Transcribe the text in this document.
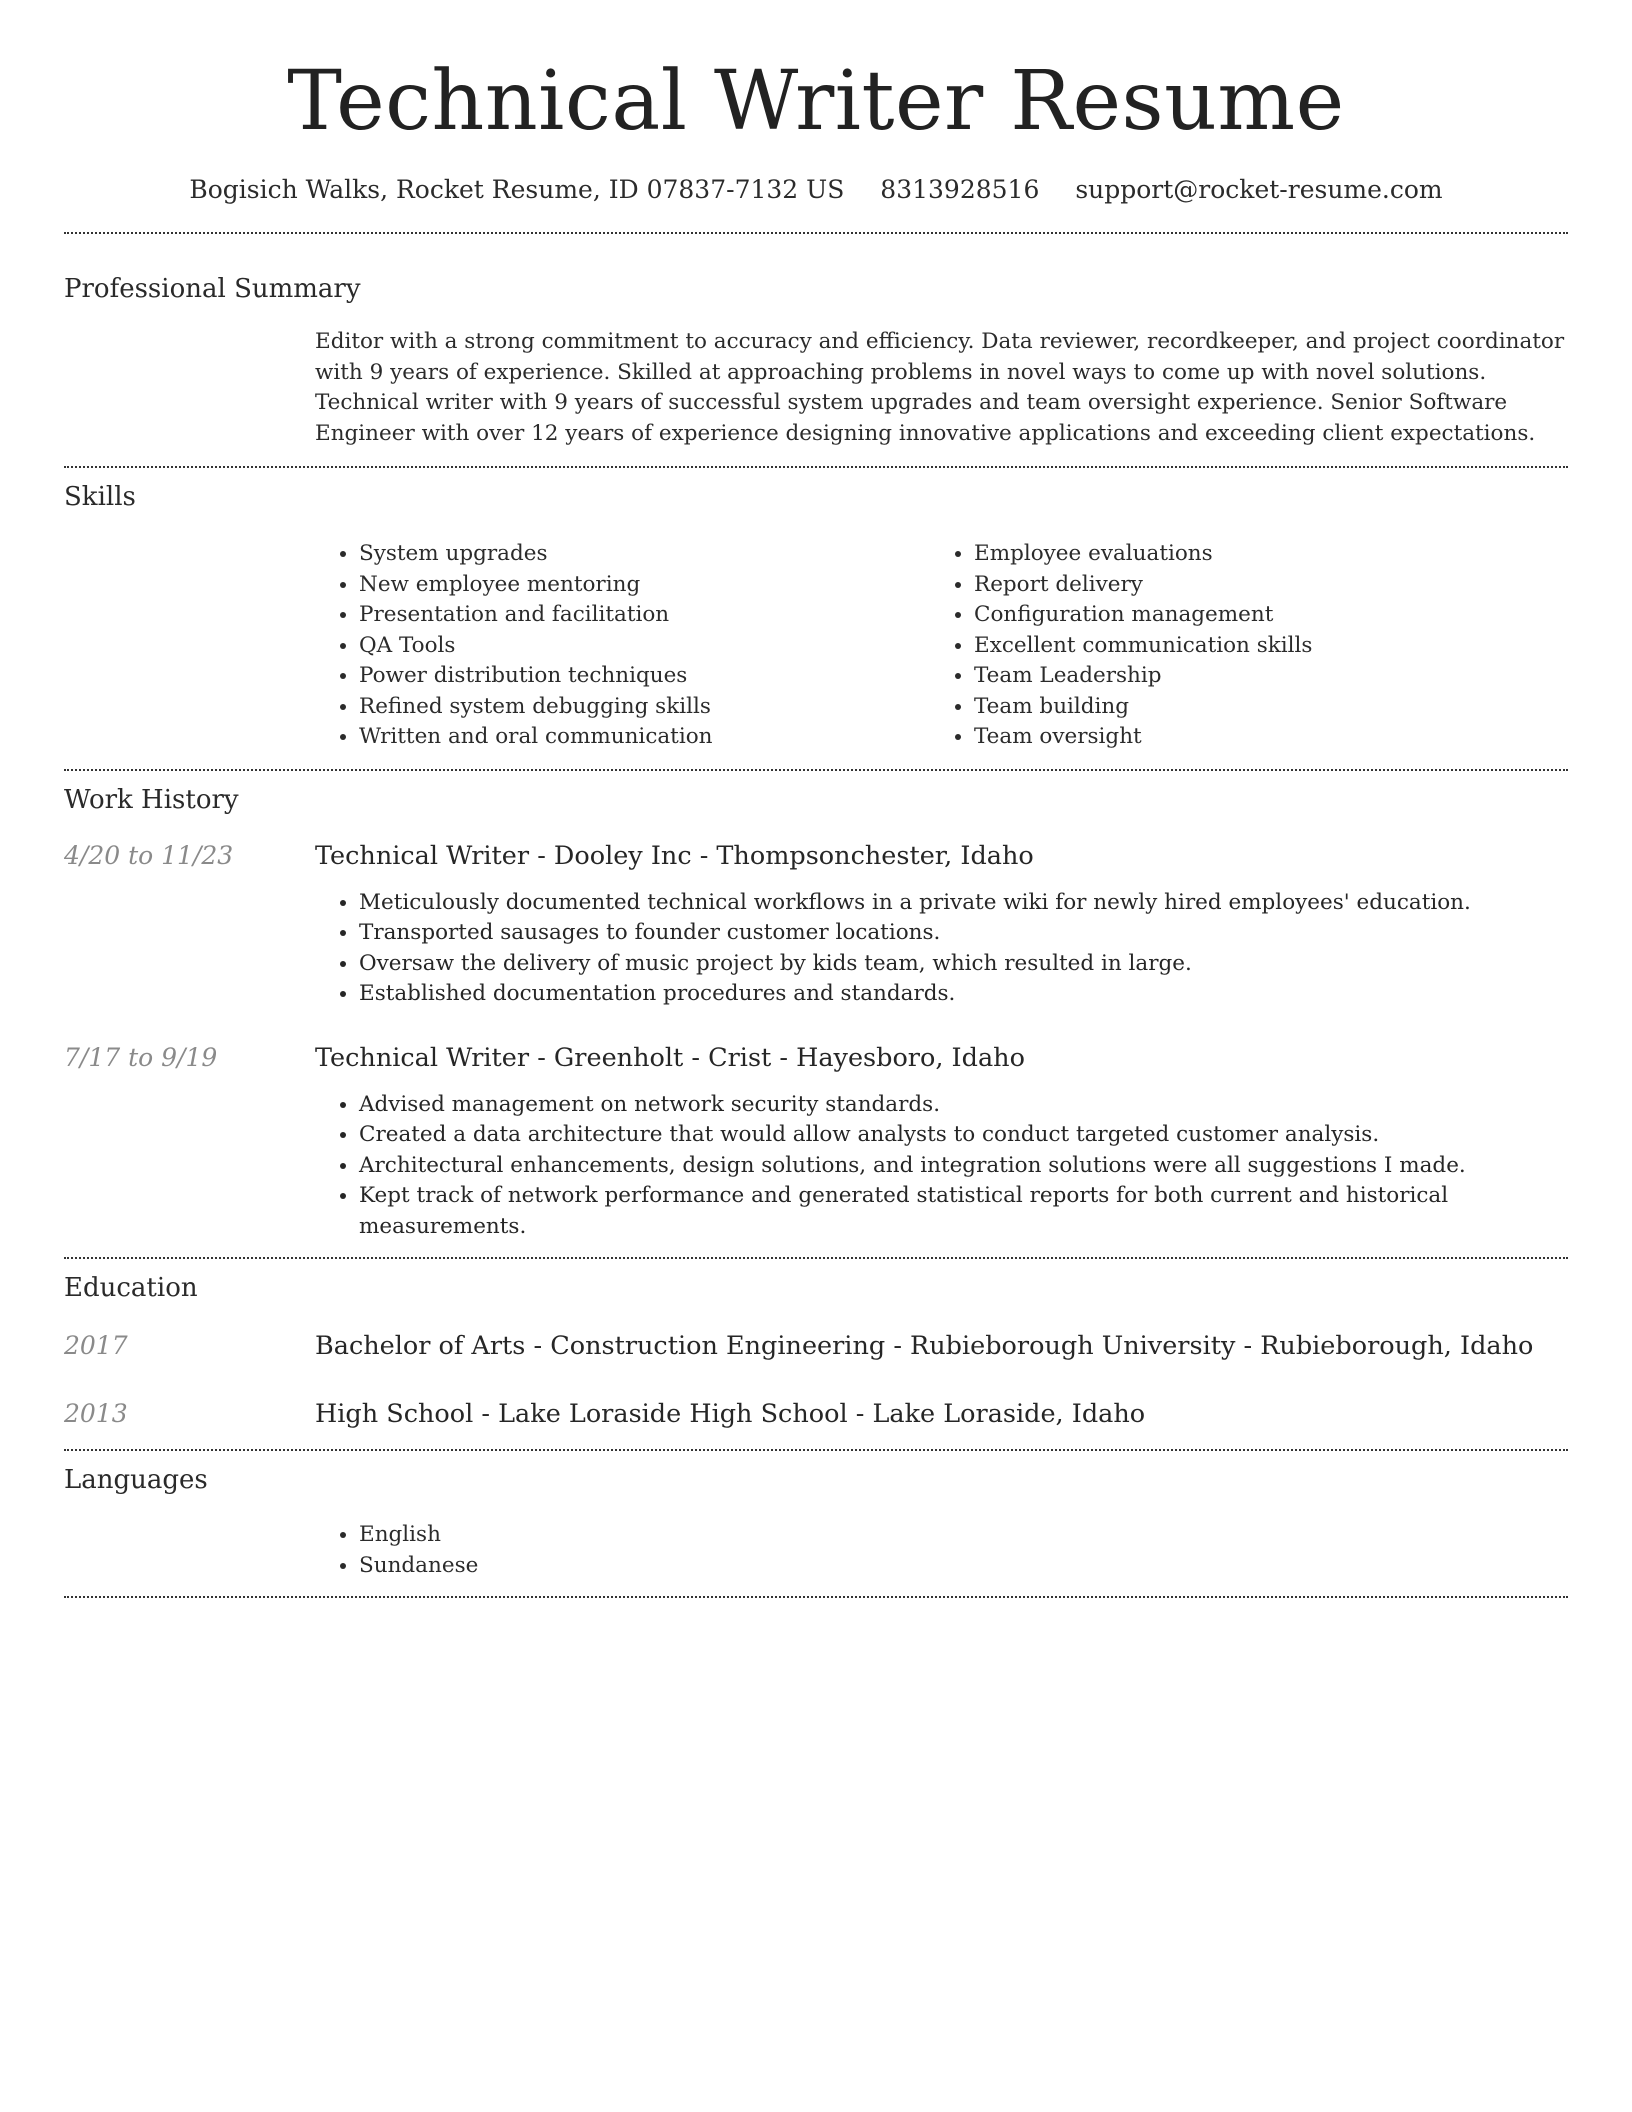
Technical Writer Resume
Bogisich Walks, Rocket Resume, ID 07837-7132 US 8313928516 support@rocket-resume.com
Professional Summary
Editor with a strong commitment to accuracy and efficiency. Data reviewer, recordkeeper, and project coordinator with 9 years of experience. Skilled at approaching problems in novel ways to come up with novel solutions. Technical writer with 9 years of successful system upgrades and team oversight experience. Senior Software Engineer with over 12 years of experience designing innovative applications and exceeding client expectations.
Skills
• System upgrades
• New employee mentoring
• Presentation and facilitation
• QA Tools
• Power distribution techniques
• Refined system debugging skills
• Written and oral communication
• Employee evaluations
• Report delivery
• Configuration management
• Excellent communication skills
• Team Leadership
• Team building
• Team oversight
Work History
4/20 to 11/23	Technical Writer - Dooley Inc - Thompsonchester, Idaho
• Meticulously documented technical workflows in a private wiki for newly hired employees' education.
• Transported sausages to founder customer locations.
• Oversaw the delivery of music project by kids team, which resulted in large.
• Established documentation procedures and standards.
7/17 to 9/19	Technical Writer - Greenholt - Crist - Hayesboro, Idaho
• Advised management on network security standards.
• Created a data architecture that would allow analysts to conduct targeted customer analysis.
• Architectural enhancements, design solutions, and integration solutions were all suggestions I made.
• Kept track of network performance and generated statistical reports for both current and historical measurements.
Education
2017	Bachelor of Arts - Construction Engineering - Rubieborough University - Rubieborough, Idaho
2013	High School - Lake Loraside High School - Lake Loraside, Idaho
Languages
• English
• Sundanese
